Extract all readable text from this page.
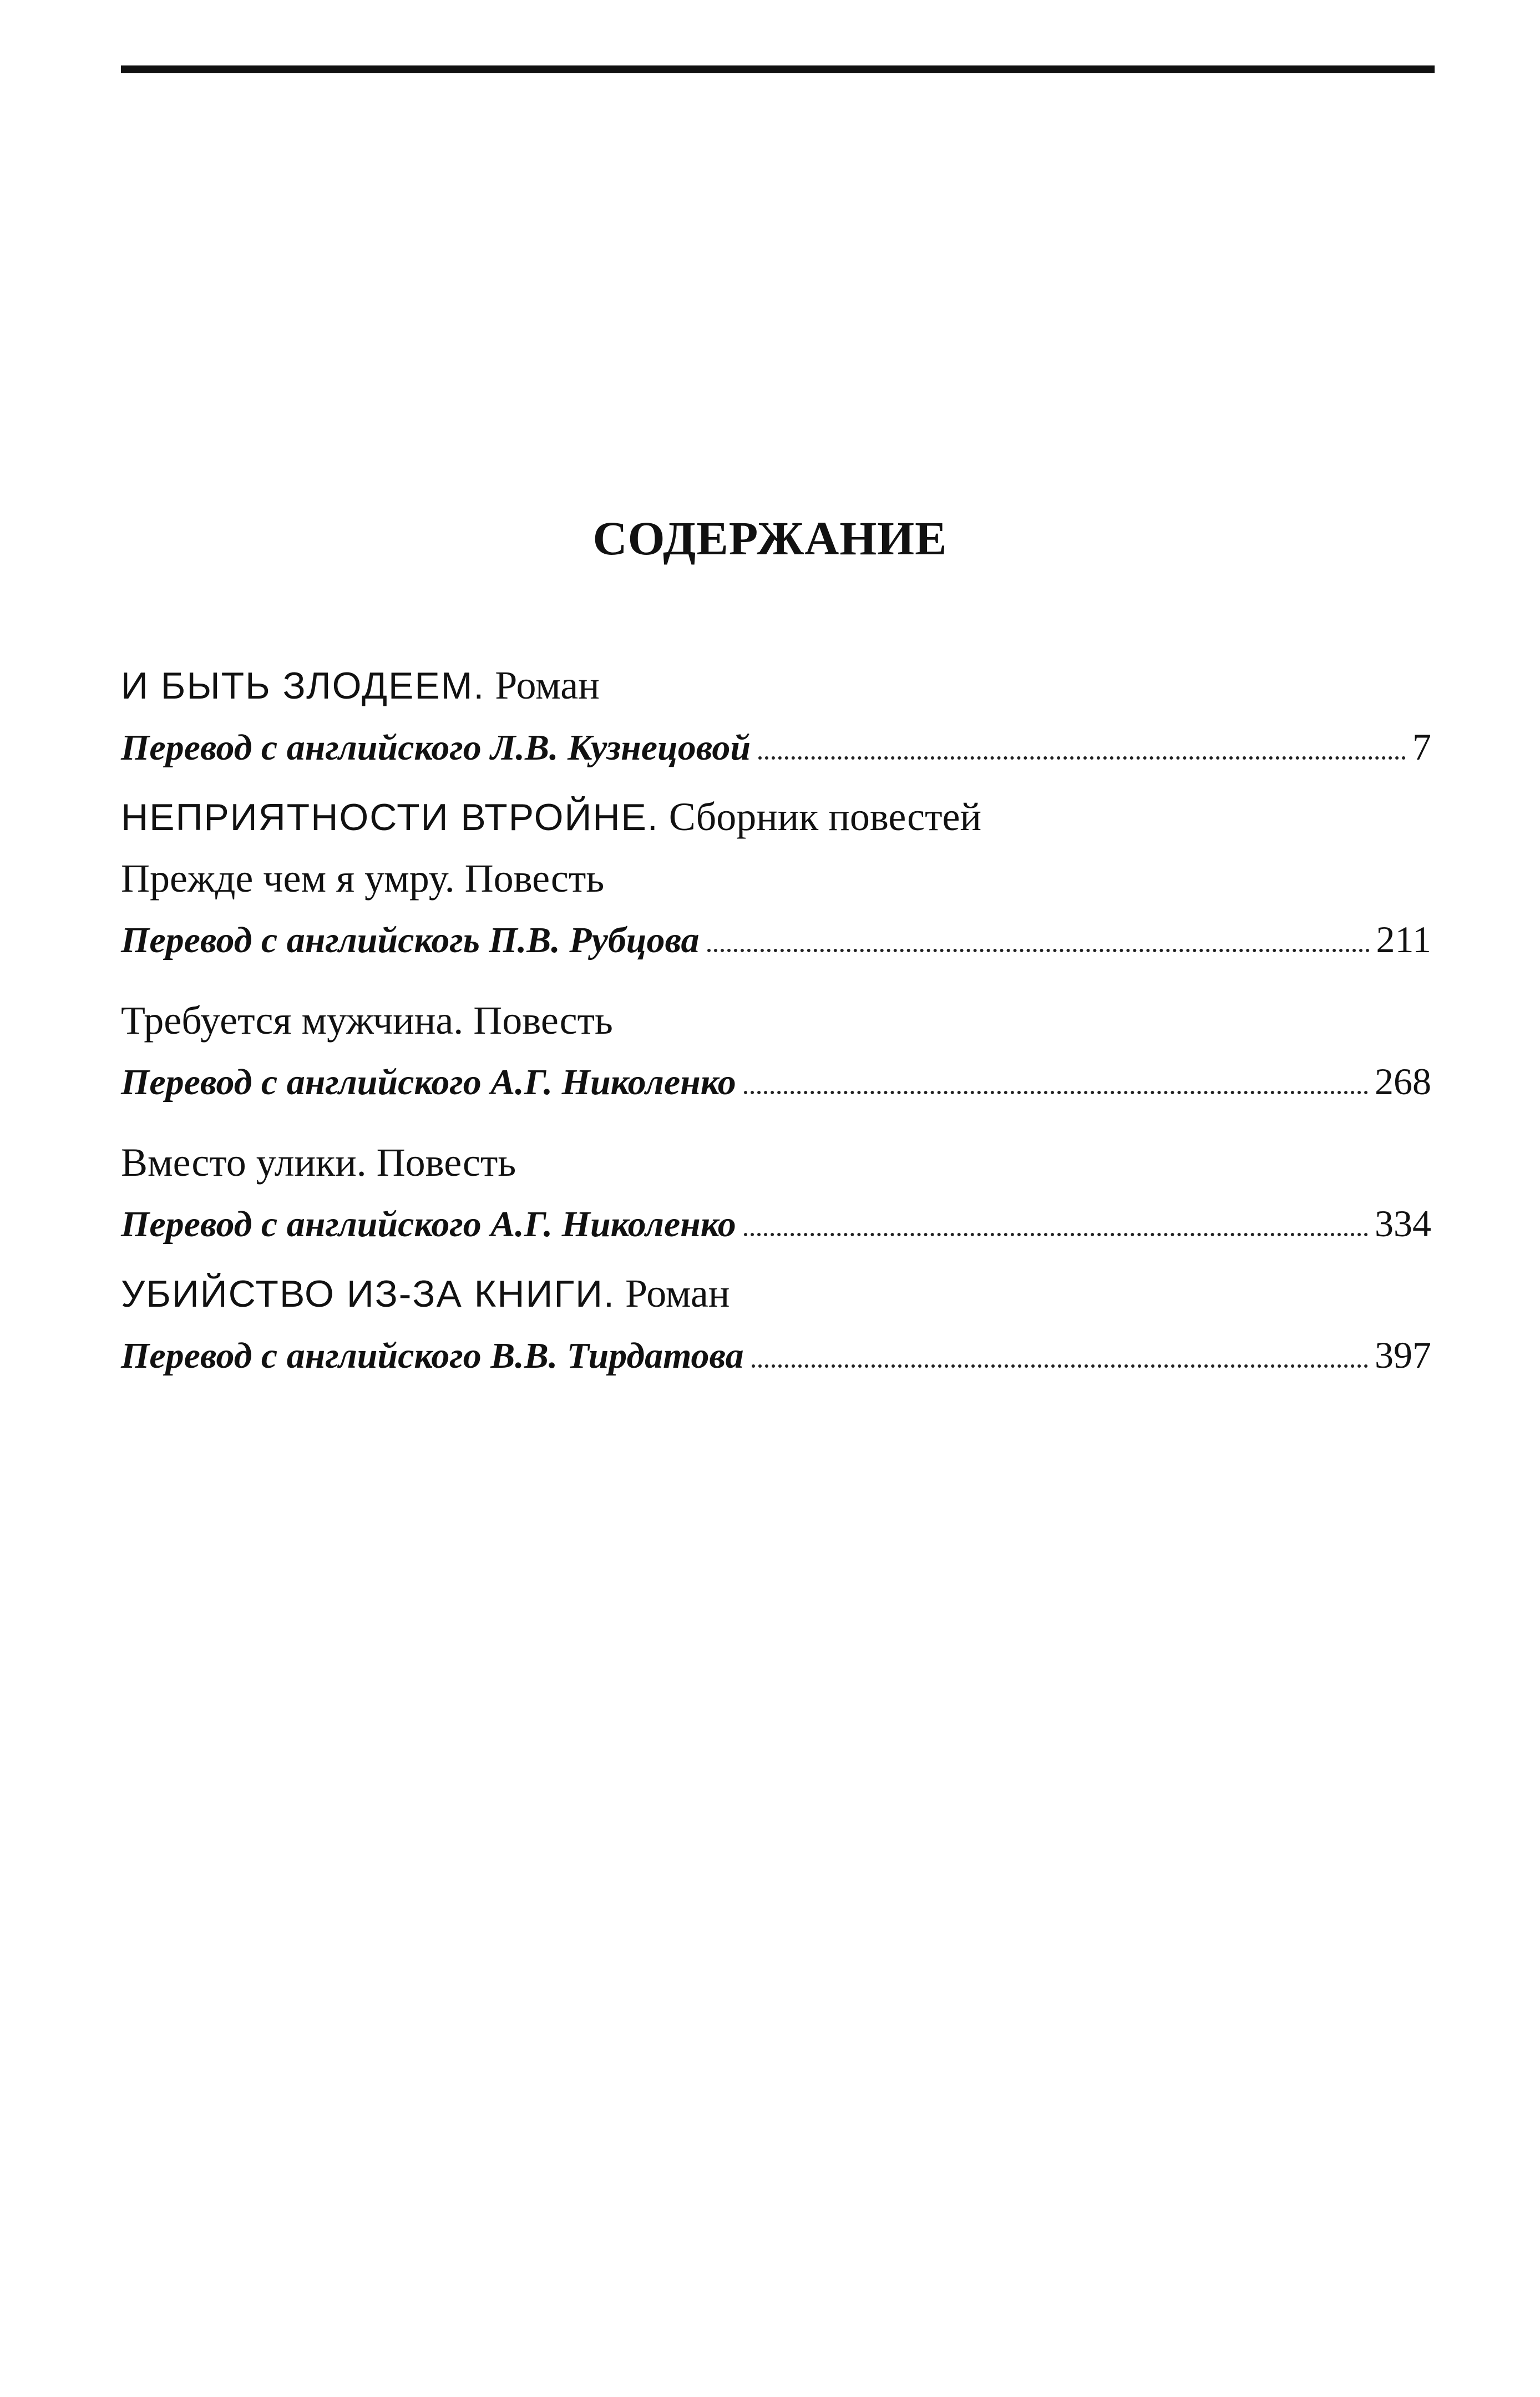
СОДЕРЖАНИЕ
И БЫТЬ ЗЛОДЕЕМ. Роман
Перевод с английского Л.В. Кузнецовой	7
НЕПРИЯТНОСТИ ВТРОЙНЕ. Сборник повестей
Прежде чем я умру. Повесть
Перевод с английскогь П.В. Рубцова	211
Требуется мужчина. Повесть
Перевод с английского А.Г. Николенко	268
Вместо улики. Повесть
Перевод с английского А.Г. Николенко	334
УБИЙСТВО ИЗ-ЗА КНИГИ. Роман
Перевод с английского В.В. Тирдатова	397
